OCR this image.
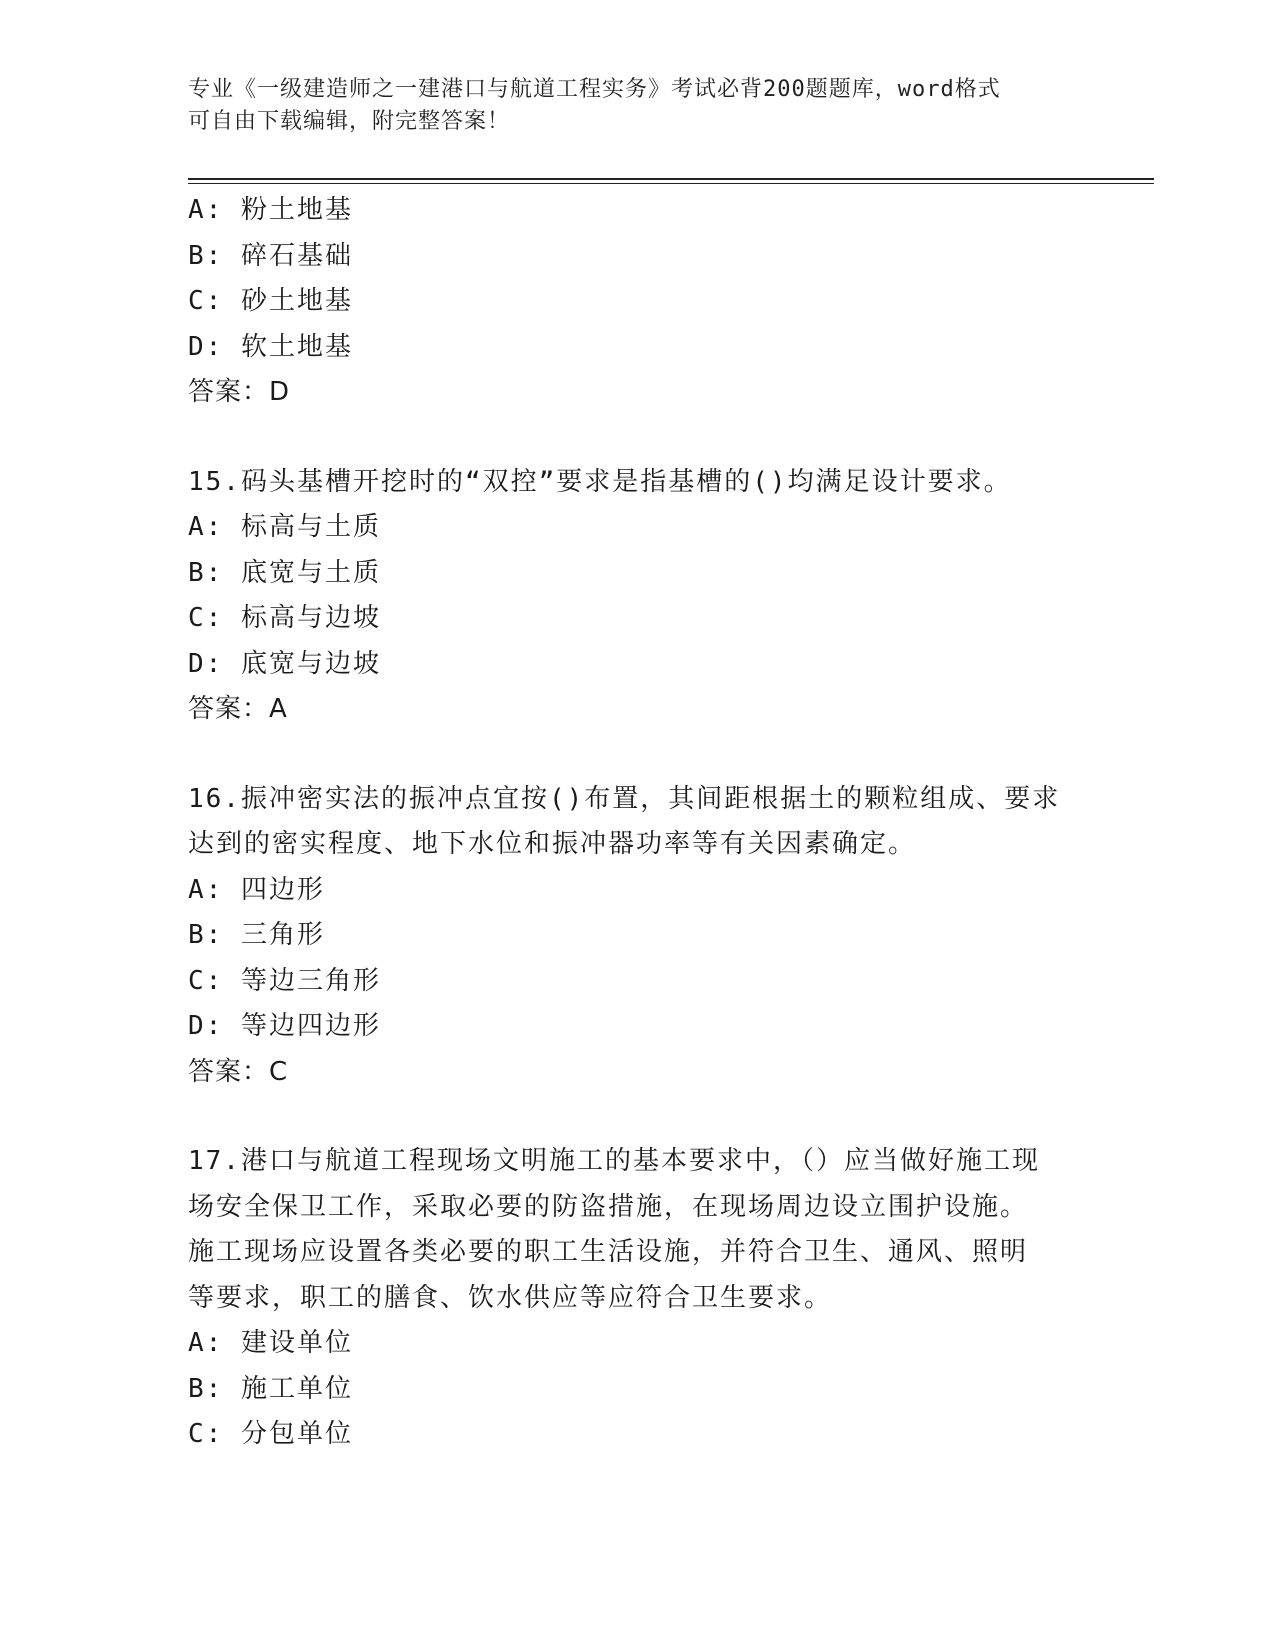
专业《一级建造师之一建港口与航道工程实务》考试必背200题题库，word格式
可自由下载编辑，附完整答案！
A: 粉土地基
B: 碎石基础
C: 砂土地基
D: 软土地基
答案：D
15.码头基槽开挖时的“双控”要求是指基槽的()均满足设计要求。
A: 标高与土质
B: 底宽与土质
C: 标高与边坡
D: 底宽与边坡
答案：A
16.振冲密实法的振冲点宜按()布置，其间距根据土的颗粒组成、要求
达到的密实程度、地下水位和振冲器功率等有关因素确定。
A: 四边形
B: 三角形
C: 等边三角形
D: 等边四边形
答案：C
17.港口与航道工程现场文明施工的基本要求中，（）应当做好施工现
场安全保卫工作，采取必要的防盗措施，在现场周边设立围护设施。
施工现场应设置各类必要的职工生活设施，并符合卫生、通风、照明
等要求，职工的膳食、饮水供应等应符合卫生要求。
A: 建设单位
B: 施工单位
C: 分包单位
